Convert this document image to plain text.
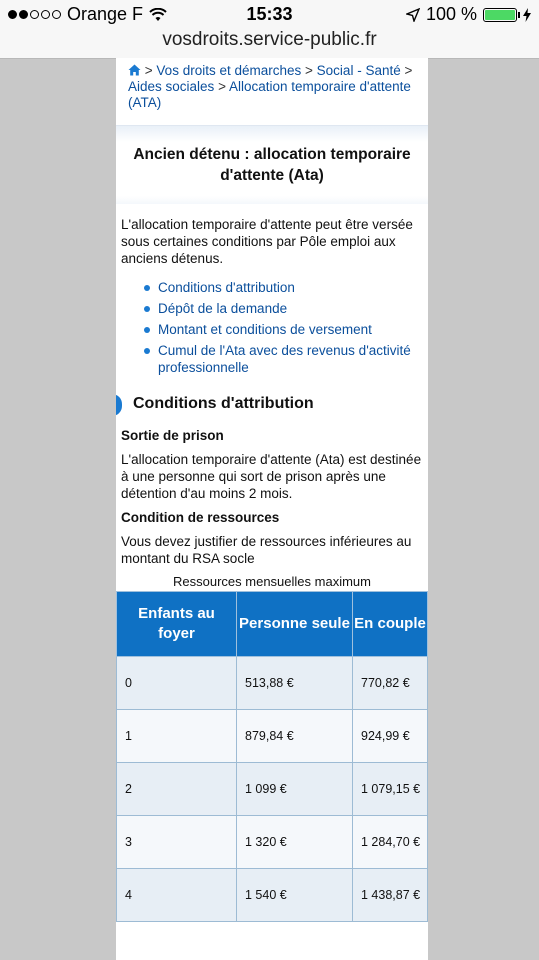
Orange F	15:33	100 %
vosdroits.service-public.fr
> Vos droits et démarches > Social - Santé > Aides sociales > Allocation temporaire d'attente (ATA)
Ancien détenu : allocation temporaire d'attente (Ata)
L'allocation temporaire d'attente peut être versée sous certaines conditions par Pôle emploi aux anciens détenus.
Conditions d'attribution
Dépôt de la demande
Montant et conditions de versement
Cumul de l'Ata avec des revenus d'activité professionnelle
Conditions d'attribution
Sortie de prison
L'allocation temporaire d'attente (Ata) est destinée à une personne qui sort de prison après une détention d'au moins 2 mois.
Condition de ressources
Vous devez justifier de ressources inférieures au montant du RSA socle
Ressources mensuelles maximum
Enfants au foyer	Personne seule	En couple
0	513,88 €	770,82 €
1	879,84 €	924,99 €
2	1 099 €	1 079,15 €
3	1 320 €	1 284,70 €
4	1 540 €	1 438,87 €
